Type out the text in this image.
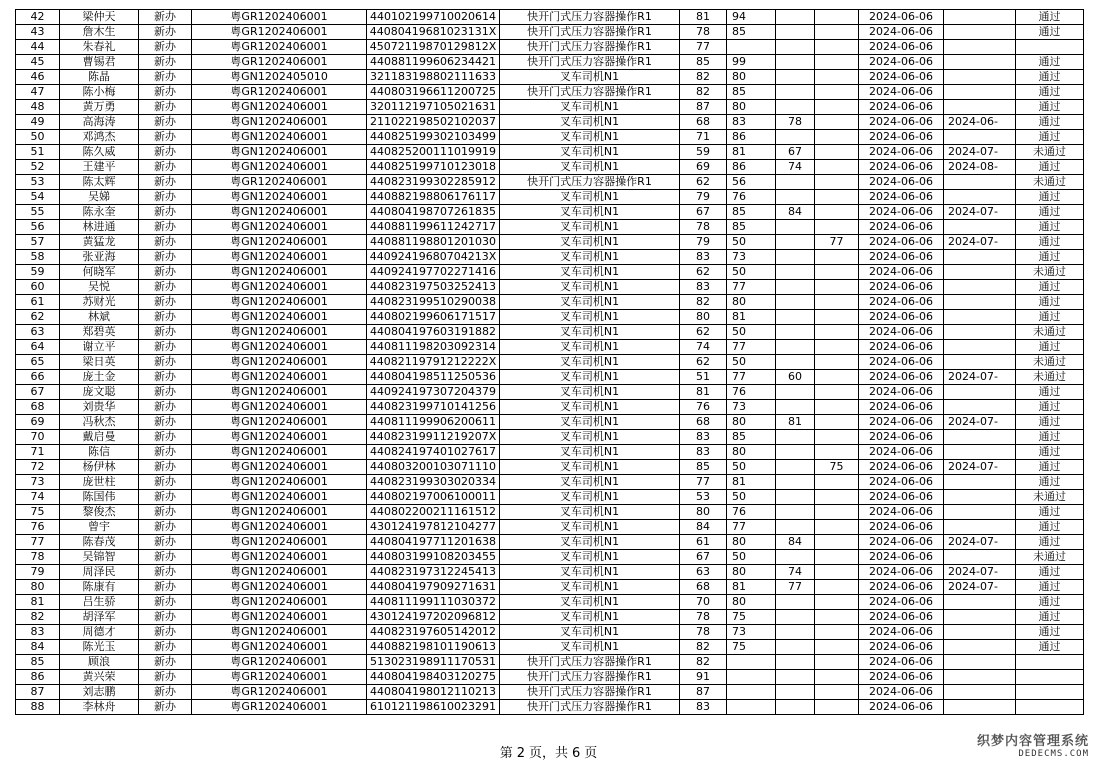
42	梁仲天	新办	粤GR1202406001	440102199710020614	快开门式压力容器操作R1	81	94			2024-06-06		通过
43	詹木生	新办	粤GR1202406001	44080419681023131X	快开门式压力容器操作R1	78	85			2024-06-06		通过
44	朱春礼	新办	粤GR1202406001	45072119870129812X	快开门式压力容器操作R1	77				2024-06-06		
45	曹锡君	新办	粤GR1202406001	440881199606234421	快开门式压力容器操作R1	85	99			2024-06-06		通过
46	陈晶	新办	粤GN1202405010	321183198802111633	叉车司机N1	82	80			2024-06-06		通过
47	陈小梅	新办	粤GR1202406001	440803196611200725	快开门式压力容器操作R1	82	85			2024-06-06		通过
48	黄万勇	新办	粤GN1202406001	320112197105021631	叉车司机N1	87	80			2024-06-06		通过
49	高海涛	新办	粤GN1202406001	211022198502102037	叉车司机N1	68	83	78		2024-06-06	2024-06-	通过
50	邓鸿杰	新办	粤GN1202406001	440825199302103499	叉车司机N1	71	86			2024-06-06		通过
51	陈久威	新办	粤GN1202406001	440825200111019919	叉车司机N1	59	81	67		2024-06-06	2024-07-	未通过
52	王建平	新办	粤GN1202406001	440825199710123018	叉车司机N1	69	86	74		2024-06-06	2024-08-	通过
53	陈太辉	新办	粤GR1202406001	440823199302285912	快开门式压力容器操作R1	62	56			2024-06-06		未通过
54	吴娣	新办	粤GN1202406001	440882198806176117	叉车司机N1	79	76			2024-06-06		通过
55	陈永奎	新办	粤GN1202406001	440804198707261835	叉车司机N1	67	85	84		2024-06-06	2024-07-	通过
56	林进通	新办	粤GN1202406001	440881199611242717	叉车司机N1	78	85			2024-06-06		通过
57	黄猛龙	新办	粤GN1202406001	440881198801201030	叉车司机N1	79	50		77	2024-06-06	2024-07-	通过
58	张亚海	新办	粤GN1202406001	44092419680704213X	叉车司机N1	83	73			2024-06-06		通过
59	何晓军	新办	粤GN1202406001	440924197702271416	叉车司机N1	62	50			2024-06-06		未通过
60	吴悦	新办	粤GN1202406001	440823197503252413	叉车司机N1	83	77			2024-06-06		通过
61	苏财光	新办	粤GN1202406001	440823199510290038	叉车司机N1	82	80			2024-06-06		通过
62	林斌	新办	粤GN1202406001	440802199606171517	叉车司机N1	80	81			2024-06-06		通过
63	郑碧英	新办	粤GN1202406001	440804197603191882	叉车司机N1	62	50			2024-06-06		未通过
64	谢立平	新办	粤GN1202406001	440811198203092314	叉车司机N1	74	77			2024-06-06		通过
65	梁日英	新办	粤GN1202406001	44082119791212222X	叉车司机N1	62	50			2024-06-06		未通过
66	庞土金	新办	粤GN1202406001	440804198511250536	叉车司机N1	51	77	60		2024-06-06	2024-07-	未通过
67	庞文聪	新办	粤GN1202406001	440924197307204379	叉车司机N1	81	76			2024-06-06		通过
68	刘贵华	新办	粤GN1202406001	440823199710141256	叉车司机N1	76	73			2024-06-06		通过
69	冯秋杰	新办	粤GN1202406001	440811199906200611	叉车司机N1	68	80	81		2024-06-06	2024-07-	通过
70	戴启曼	新办	粤GN1202406001	44082319911219207X	叉车司机N1	83	85			2024-06-06		通过
71	陈信	新办	粤GN1202406001	440824197401027617	叉车司机N1	83	80			2024-06-06		通过
72	杨伊林	新办	粤GN1202406001	440803200103071110	叉车司机N1	85	50		75	2024-06-06	2024-07-	通过
73	庞世柱	新办	粤GN1202406001	440823199303020334	叉车司机N1	77	81			2024-06-06		通过
74	陈国伟	新办	粤GN1202406001	440802197006100011	叉车司机N1	53	50			2024-06-06		未通过
75	黎俊杰	新办	粤GN1202406001	440802200211161512	叉车司机N1	80	76			2024-06-06		通过
76	曾宇	新办	粤GN1202406001	430124197812104277	叉车司机N1	84	77			2024-06-06		通过
77	陈春茂	新办	粤GN1202406001	440804197711201638	叉车司机N1	61	80	84		2024-06-06	2024-07-	通过
78	吴锦智	新办	粤GN1202406001	440803199108203455	叉车司机N1	67	50			2024-06-06		未通过
79	周泽民	新办	粤GN1202406001	440823197312245413	叉车司机N1	63	80	74		2024-06-06	2024-07-	通过
80	陈康有	新办	粤GN1202406001	440804197909271631	叉车司机N1	68	81	77		2024-06-06	2024-07-	通过
81	吕生骄	新办	粤GN1202406001	440811199111030372	叉车司机N1	70	80			2024-06-06		通过
82	胡泽军	新办	粤GN1202406001	430124197202096812	叉车司机N1	78	75			2024-06-06		通过
83	周德才	新办	粤GN1202406001	440823197605142012	叉车司机N1	78	73			2024-06-06		通过
84	陈光玉	新办	粤GN1202406001	440882198101190613	叉车司机N1	82	75			2024-06-06		通过
85	顾浪	新办	粤GR1202406001	513023198911170531	快开门式压力容器操作R1	82				2024-06-06		
86	黄兴荣	新办	粤GR1202406001	440804198403120275	快开门式压力容器操作R1	91				2024-06-06		
87	刘志鹏	新办	粤GR1202406001	440804198012110213	快开门式压力容器操作R1	87				2024-06-06		
88	李林舟	新办	粤GR1202406001	610121198610023291	快开门式压力容器操作R1	83				2024-06-06		
第 2 页，共 6 页
织梦内容管理系统
DEDECMS.COM
